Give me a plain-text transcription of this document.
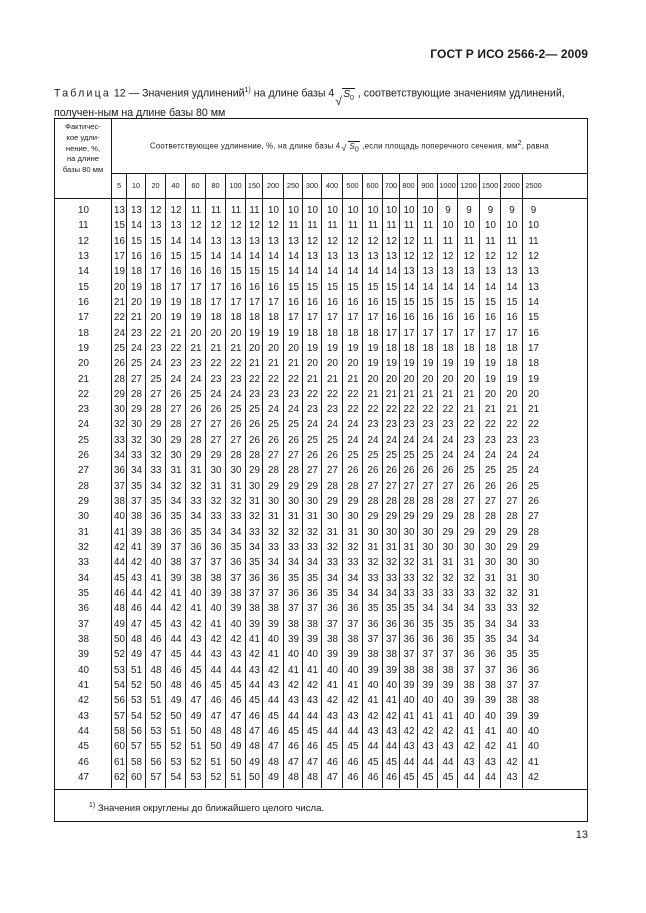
ГОСТ Р ИСО 2566-2— 2009
Таблица 12 — Значения удлинений$^{1)}$ на длине базы 4 √ $S_0$ , соответствующие значениям удлинений, получен-ным на длине базы 80 мм
Фактичес-
кое удли-
нение, %,
на длине
базы 80 мм
Соответствующее удлинение, %, на длине базы 4 √ $S_0$ ,если площадь поперечного сечения, $мм^2$, равна
5	10	20	40	60	80	100 150 200	250 300	400	500	600 700 800 900 1000 1200 1500 2000 2500
10	13 13 12 12 11	11	11 11 10 10 10 10 10 10 10 10 10	9	9	9	9	9
11	15 14 13 13 12 12 12 12 12 11 11	11	11	11 11 11 11 10	10	10	10	10
12	16 15 15 14 14 13 13 13 13 13 12 12 12 12 12 12 11	11	11	11	11	11
13	17 16 16 15 15 14 14 14 14 14 13 13 13 13 13 12 12 12	12	12	12	12
14	19 18 17 16 16 16 15 15 15 14 14 14 14 14 14 13 13 13	13	13	13	13
15	20 19 18 17 17 17 16 16 16 15 15 15 15 15 15 14 14 14	14	14	14	13
16	21 20 19 19 18 17 17 17 17 16 16 16 16 16 15 15 15 15	15	15	15	14
17	22 21 20 19 19 18 18 18 18 17 17 17 17 17 16 16 16 16	16	16	16	15
18	24 23 22 21 20 20 20 19 19 19 18 18 18 18 17 17 17 17	17	17	17	16
19	25 24 23 22 21 21 21 20 20 20 19 19 19 19 18 18 18 18	18	18	18	17
20	26 25 24 23 23 22 22 21 21 21 20 20 20 19 19 19 19 19	19	19	18	18
21	28 27 25 24 24 23 23 22 22 22 21 21 21 20 20 20 20 20	20	19	19	19
22	29 28 27 26 25 24 24 23 23 23 22 22 22 21 21 21 21 21	21	20	20	20
23	30 29 28 27 26 26 25 25 24 24 23 23 22 22 22 22 22 22	21	21	21	21
24	32 30 29 28 27 27 26 26 25 25 24 24 24 23 23 23 23 23	22	22	22	22
25	33 32 30 29 28 27 27 26 26 26 25 25 24 24 24 24 24 24	23	23	23	23
26	34 33 32 30 29 29 28 28 27 27 26 26 25 25 25 25 25 24	24	24	24	24
27	36 34 33 31 31 30 30 29 28 28 27 27 26 26 26 26 26 26	25	25	25	24
28	37 35 34 32 32 31 31 30 29 29 29 28 28 27 27 27 27 27	26	26	26	25
29	38 37 35 34 33 32 32 31 30 30 30 29 29 28 28 28 28 28	27	27	27	26
30	40 38 36 35 34 33 33 32 31 31 31 30 30 29 29 29 29 29	28	28	28	27
31	41 39 38 36 35 34 34 33 32 32 32 31 31 30 30 30 30 29	29	29	29	28
32	42 41 39 37 36 36 35 34 33 33 33 32 32 31 31 31 30 30	30	30	29	29
33	44 42 40 38 37 37 36 35 34 34 34 33 33 32 32 32 31 31	31	30	30	30
34	45 43 41 39 38 38 37 36 36 35 35 34 34 33 33 33 32 32	32	31	31	30
35	46 44 42 41 40 39 38 37 37 36 36 35 34 34 34 33 33 33	33	32	32	31
36	48 46 44 42 41 40 39 38 38 37 37 36 36 35 35 35 34 34	34	33	33	32
37	49 47 45 43 42 41 40 39 39 38 38 37 37 36 36 36 35 35	35	34	34	33
38	50 48 46 44 43 42 42 41 40 39 39 38 38 37 37 36 36 36	35	35	34	34
39	52 49 47 45 44 43 43 42 41 40 40 39 39 38 38 37 37 37	36	36	35	35
40	53 51 48 46 45 44 44 43 42 41 41 40 40 39 39 38 38 38	37	37	36	36
41	54 52 50 48 46 45 45 44 43 42 42 41 41 40 40 39 39 39	38	38	37	37
42	56 53 51 49 47 46 46 45 44 43 43 42 42 41 41 40 40 40	39	39	38	38
43	57 54 52 50 49 47 47 46 45 44 44 43 43 42 42 41 41 41	40	40	39	39
44	58 56 53 51 50 48 48 47 46 45 45 44 44 43 43 42 42 42	41	41	40	40
45	60 57 55 52 51 50 49 48 47 46 46 45 45 44 44 43 43 43	42	42	41	40
46	61 58 56 53 52 51 50 49 48 47 47 46 46 45 45 44 44 44	43	43	42	41
47	62 60 57 54 53 52 51 50 49 48 48 47 46 46 46 45 45 45	44	44	43	42
$^{1)}$ Значения округлены до ближайшего целого числа.
13
